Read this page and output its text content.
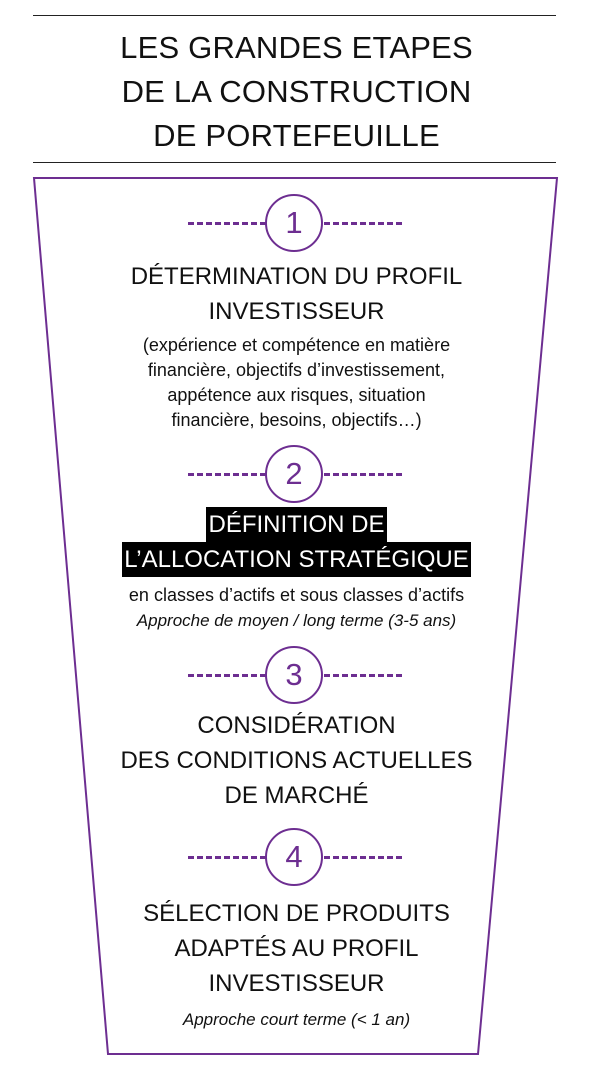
LES GRANDES ETAPES
DE LA CONSTRUCTION
DE PORTEFEUILLE
1
DÉTERMINATION DU PROFIL
INVESTISSEUR
(expérience et compétence en matière
financière, objectifs d’investissement,
appétence aux risques, situation
financière, besoins, objectifs…)
2
DÉFINITION DE
L’ALLOCATION STRATÉGIQUE
en classes d’actifs et sous classes d’actifs
Approche de moyen / long terme (3-5 ans)
3
CONSIDÉRATION
DES CONDITIONS ACTUELLES
DE MARCHÉ
4
SÉLECTION DE PRODUITS
ADAPTÉS AU PROFIL
INVESTISSEUR
Approche court terme (< 1 an)
